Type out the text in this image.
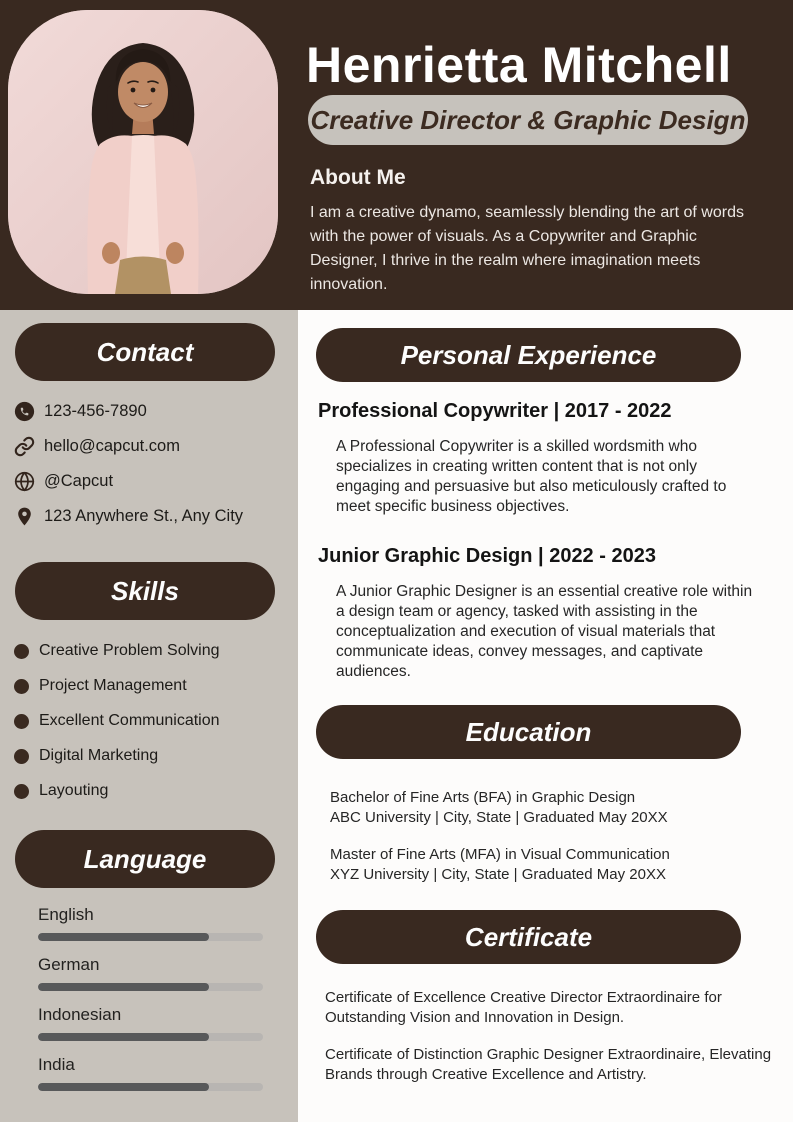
Henrietta Mitchell
Creative Director & Graphic Design
About Me

I am a creative dynamo, seamlessly blending the art of words with the power of visuals. As a Copywriter and Graphic Designer, I thrive in the realm where imagination meets innovation.

Contact
123-456-7890
hello@capcut.com
@Capcut
123 Anywhere St., Any City
Skills
Creative Problem Solving
Project Management
Excellent Communication
Digital Marketing
Layouting
Language
English
German
Indonesian
India
Personal Experience
Professional Copywriter | 2017 - 2022

A Professional Copywriter is a skilled wordsmith who specializes in creating written content that is not only engaging and persuasive but also meticulously crafted to meet specific business objectives.

Junior Graphic Design | 2022 - 2023

A Junior Graphic Designer is an essential creative role within a design team or agency, tasked with assisting in the conceptualization and execution of visual materials that communicate ideas, convey messages, and captivate audiences.

Education
Bachelor of Fine Arts (BFA) in Graphic Design
ABC University | City, State | Graduated May 20XX
Master of Fine Arts (MFA) in Visual Communication
XYZ University | City, State | Graduated May 20XX
Certificate

Certificate of Excellence Creative Director Extraordinaire for Outstanding Vision and Innovation in Design.

Certificate of Distinction Graphic Designer Extraordinaire, Elevating Brands through Creative Excellence and Artistry.
